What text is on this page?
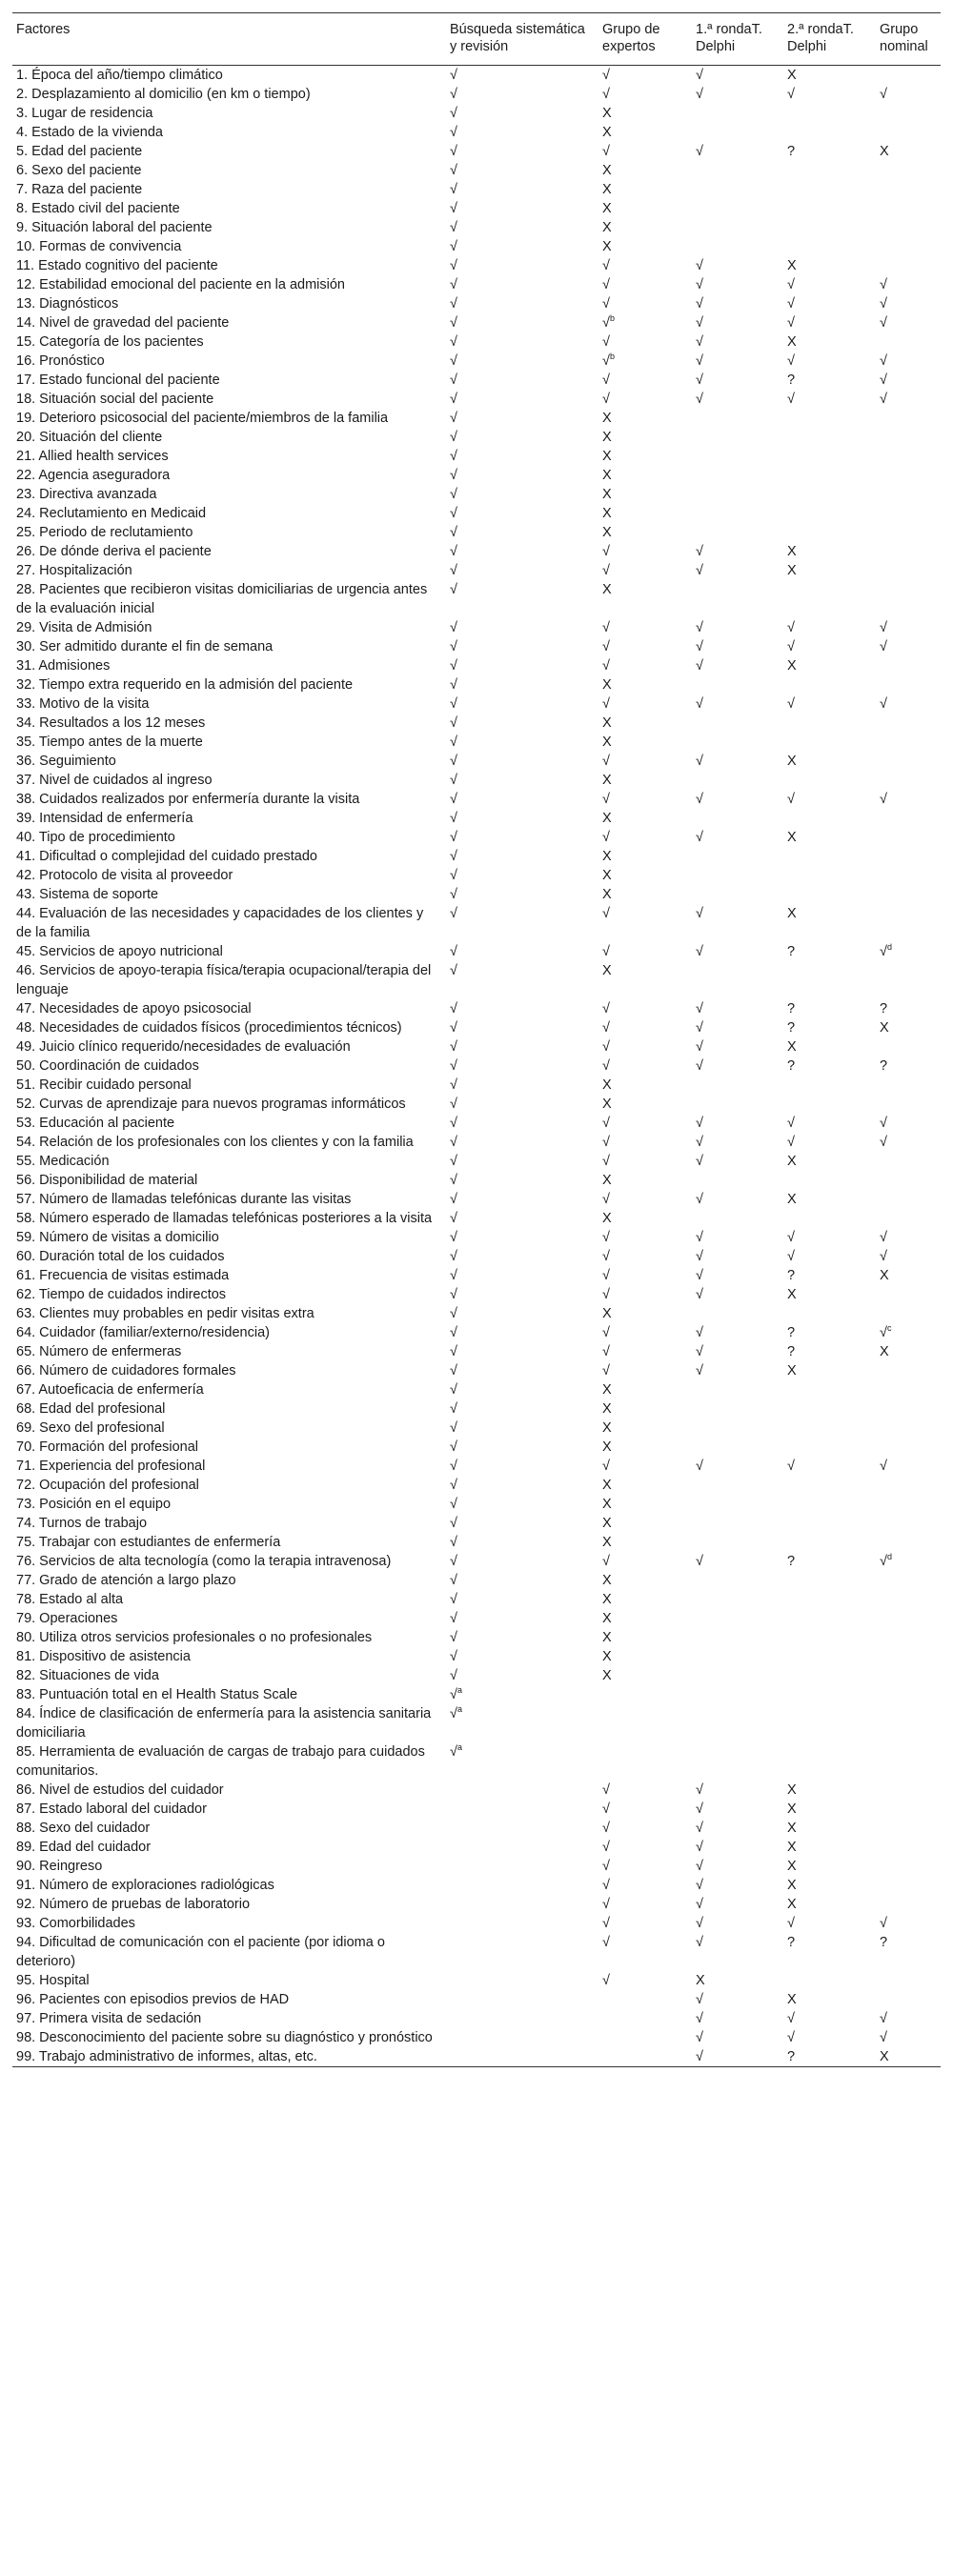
Factores	Búsqueda sistemática y revisión	Grupo de expertos	1.ª rondaT. Delphi	2.ª rondaT. Delphi	Grupo nominal
1. Época del año/tiempo climático	√	√	√	X	
2. Desplazamiento al domicilio (en km o tiempo)	√	√	√	√	√
3. Lugar de residencia	√	X			
4. Estado de la vivienda	√	X			
5. Edad del paciente	√	√	√	?	X
6. Sexo del paciente	√	X			
7. Raza del paciente	√	X			
8. Estado civil del paciente	√	X			
9. Situación laboral del paciente	√	X			
10. Formas de convivencia	√	X			
11. Estado cognitivo del paciente	√	√	√	X	
12. Estabilidad emocional del paciente en la admisión	√	√	√	√	√
13. Diagnósticos	√	√	√	√	√
14. Nivel de gravedad del paciente	√	√$^b$	√	√	√
15. Categoría de los pacientes	√	√	√	X	
16. Pronóstico	√	√$^b$	√	√	√
17. Estado funcional del paciente	√	√	√	?	√
18. Situación social del paciente	√	√	√	√	√
19. Deterioro psicosocial del paciente/miembros de la familia	√	X			
20. Situación del cliente	√	X			
21. Allied health services	√	X			
22. Agencia aseguradora	√	X			
23. Directiva avanzada	√	X			
24. Reclutamiento en Medicaid	√	X			
25. Periodo de reclutamiento	√	X			
26. De dónde deriva el paciente	√	√	√	X	
27. Hospitalización	√	√	√	X	
28. Pacientes que recibieron visitas domiciliarias de urgencia antes de la evaluación inicial	√	X			
29. Visita de Admisión	√	√	√	√	√
30. Ser admitido durante el fin de semana	√	√	√	√	√
31. Admisiones	√	√	√	X	
32. Tiempo extra requerido en la admisión del paciente	√	X			
33. Motivo de la visita	√	√	√	√	√
34. Resultados a los 12 meses	√	X			
35. Tiempo antes de la muerte	√	X			
36. Seguimiento	√	√	√	X	
37. Nivel de cuidados al ingreso	√	X			
38. Cuidados realizados por enfermería durante la visita	√	√	√	√	√
39. Intensidad de enfermería	√	X			
40. Tipo de procedimiento	√	√	√	X	
41. Dificultad o complejidad del cuidado prestado	√	X			
42. Protocolo de visita al proveedor	√	X			
43. Sistema de soporte	√	X			
44. Evaluación de las necesidades y capacidades de los clientes y de la familia	√	√	√	X	
45. Servicios de apoyo nutricional	√	√	√	?	√$^d$
46. Servicios de apoyo-terapia física/terapia ocupacional/terapia del lenguaje	√	X			
47. Necesidades de apoyo psicosocial	√	√	√	?	?
48. Necesidades de cuidados físicos (procedimientos técnicos)	√	√	√	?	X
49. Juicio clínico requerido/necesidades de evaluación	√	√	√	X	
50. Coordinación de cuidados	√	√	√	?	?
51. Recibir cuidado personal	√	X			
52. Curvas de aprendizaje para nuevos programas informáticos	√	X			
53. Educación al paciente	√	√	√	√	√
54. Relación de los profesionales con los clientes y con la familia	√	√	√	√	√
55. Medicación	√	√	√	X	
56. Disponibilidad de material	√	X			
57. Número de llamadas telefónicas durante las visitas	√	√	√	X	
58. Número esperado de llamadas telefónicas posteriores a la visita	√	X			
59. Número de visitas a domicilio	√	√	√	√	√
60. Duración total de los cuidados	√	√	√	√	√
61. Frecuencia de visitas estimada	√	√	√	?	X
62. Tiempo de cuidados indirectos	√	√	√	X	
63. Clientes muy probables en pedir visitas extra	√	X			
64. Cuidador (familiar/externo/residencia)	√	√	√	?	√$^c$
65. Número de enfermeras	√	√	√	?	X
66. Número de cuidadores formales	√	√	√	X	
67. Autoeficacia de enfermería	√	X			
68. Edad del profesional	√	X			
69. Sexo del profesional	√	X			
70. Formación del profesional	√	X			
71. Experiencia del profesional	√	√	√	√	√
72. Ocupación del profesional	√	X			
73. Posición en el equipo	√	X			
74. Turnos de trabajo	√	X			
75. Trabajar con estudiantes de enfermería	√	X			
76. Servicios de alta tecnología (como la terapia intravenosa)	√	√	√	?	√$^d$
77. Grado de atención a largo plazo	√	X			
78. Estado al alta	√	X			
79. Operaciones	√	X			
80. Utiliza otros servicios profesionales o no profesionales	√	X			
81. Dispositivo de asistencia	√	X			
82. Situaciones de vida	√	X			
83. Puntuación total en el Health Status Scale	√$^a$				
84. Índice de clasificación de enfermería para la asistencia sanitaria domiciliaria	√$^a$				
85. Herramienta de evaluación de cargas de trabajo para cuidados comunitarios.	√$^a$				
86. Nivel de estudios del cuidador		√	√	X	
87. Estado laboral del cuidador		√	√	X	
88. Sexo del cuidador		√	√	X	
89. Edad del cuidador		√	√	X	
90. Reingreso		√	√	X	
91. Número de exploraciones radiológicas		√	√	X	
92. Número de pruebas de laboratorio		√	√	X	
93. Comorbilidades		√	√	√	√
94. Dificultad de comunicación con el paciente (por idioma o deterioro)		√	√	?	?
95. Hospital		√	X		
96. Pacientes con episodios previos de HAD			√	X	
97. Primera visita de sedación			√	√	√
98. Desconocimiento del paciente sobre su diagnóstico y pronóstico			√	√	√
99. Trabajo administrativo de informes, altas, etc.			√	?	X
